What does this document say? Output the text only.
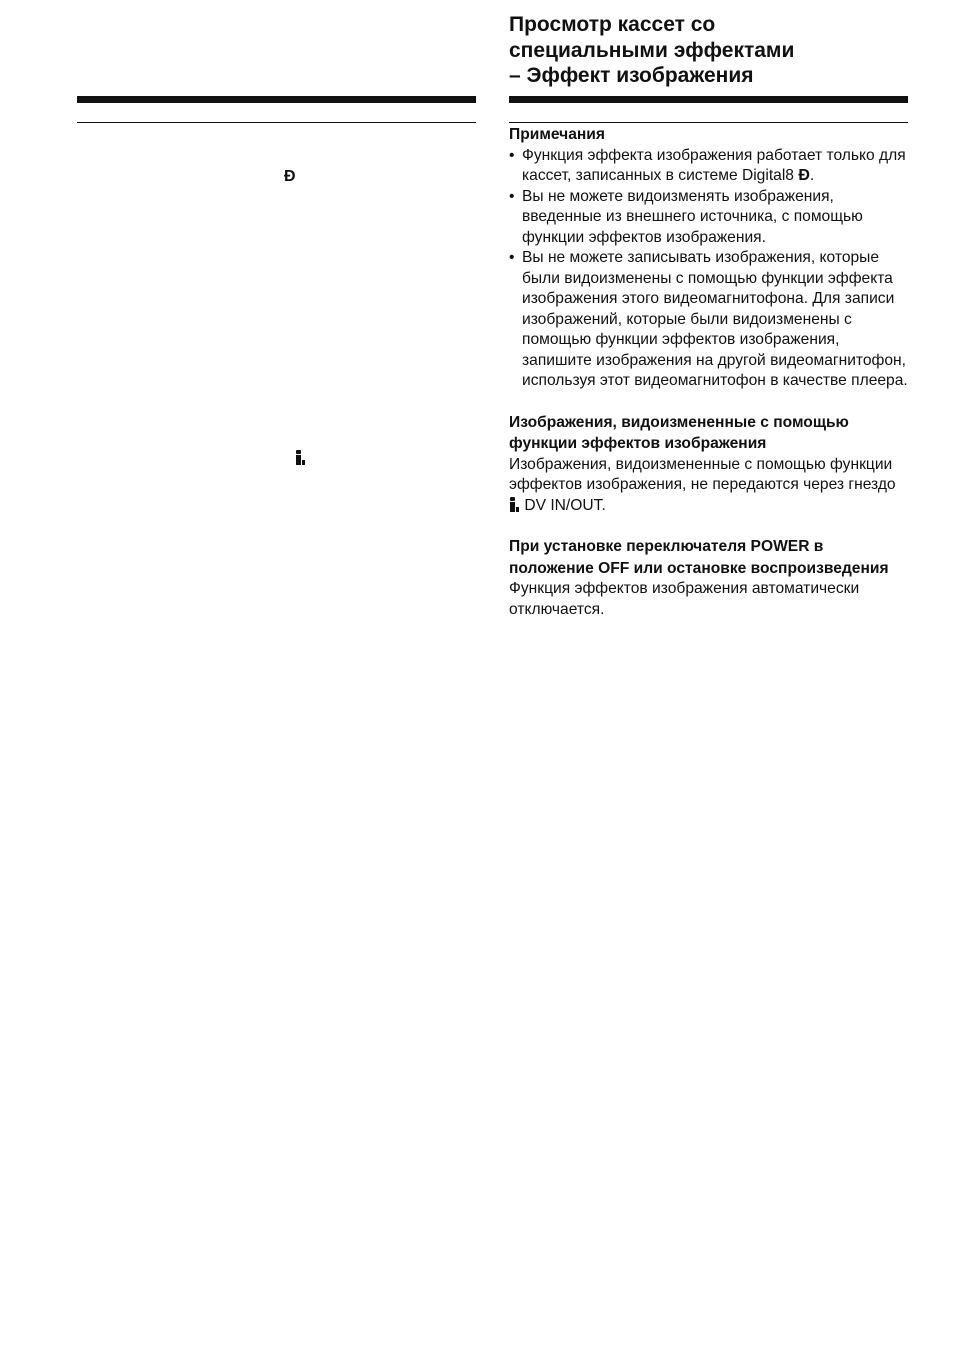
Ð
Просмотр кассет со
специальными эффектами
– Эффект изображения

Примечания

• Функция эффекта изображения работает только для кассет, записанных в системе Digital8 Ð .
• Вы не можете видоизменять изображения, введенные из внешнего источника, с помощью функции эффектов изображения.
• Вы не можете записывать изображения, которые были видоизменены с помощью функции эффекта изображения этого видеомагнитофона. Для записи изображений, которые были видоизменены с помощью функции эффектов изображения, запишите изображения на другой видеомагнитофон, используя этот видеомагнитофон в качестве плеера.

Изображения, видоизмененные с помощью функции эффектов изображения

Изображения, видоизмененные с помощью функции эффектов изображения, не передаются через гнездо
DV IN/OUT.

При установке переключателя POWER в положение OFF или остановке воспроизведения

Функция эффектов изображения автоматически отключается.
